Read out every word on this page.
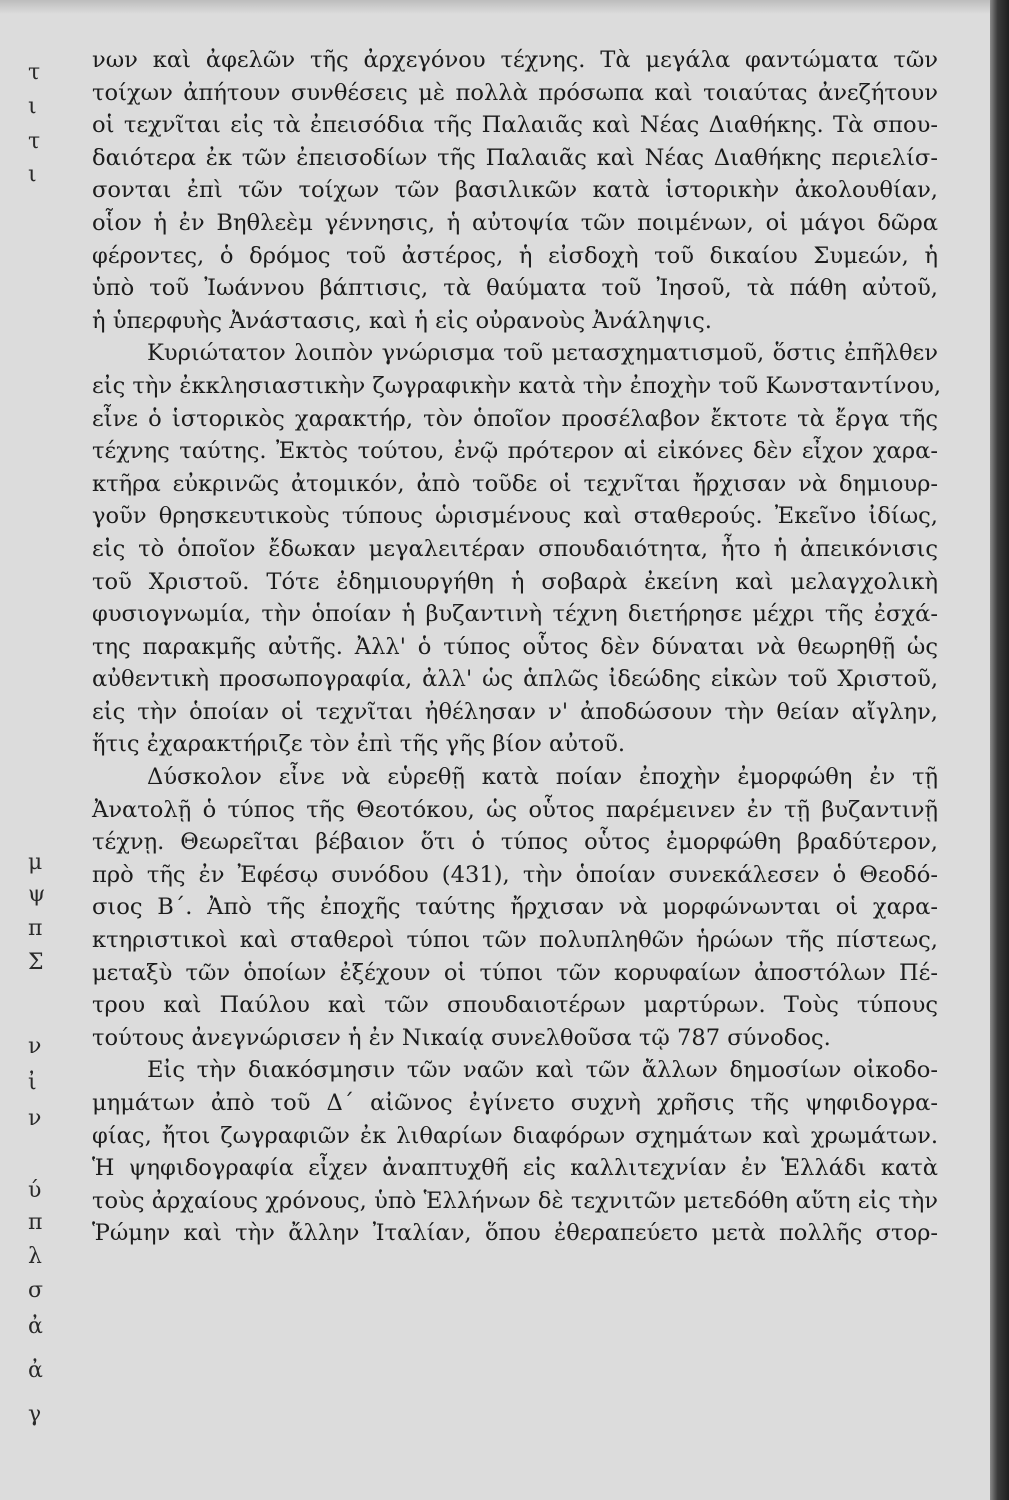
τ
ι
τ
ι
μ
ψ
π
Σ
ν
ἰ
ν
ύ
π
λ
σ
ἀ
ἀ
γ

νων καὶ ἀφελῶν τῆς ἀρχεγόνου τέχνης. Τὰ μεγάλα φαντώματα τῶν
τοίχων ἀπήτουν συνθέσεις μὲ πολλὰ πρόσωπα καὶ τοιαύτας ἀνεζήτουν
οἱ τεχνῖται εἰς τὰ ἐπεισόδια τῆς Παλαιᾶς καὶ Νέας Διαθήκης. Τὰ σπου-
δαιότερα ἐκ τῶν ἐπεισοδίων τῆς Παλαιᾶς καὶ Νέας Διαθήκης περιελίσ-
σονται ἐπὶ τῶν τοίχων τῶν βασιλικῶν κατὰ ἱστορικὴν ἀκολουθίαν,
οἷον ἡ ἐν Βηθλεὲμ γέννησις, ἡ αὐτοψία τῶν ποιμένων, οἱ μάγοι δῶρα
φέροντες, ὁ δρόμος τοῦ ἀστέρος, ἡ εἰσδοχὴ τοῦ δικαίου Συμεών, ἡ
ὑπὸ τοῦ Ἰωάννου βάπτισις, τὰ θαύματα τοῦ Ἰησοῦ, τὰ πάθη αὐτοῦ,
ἡ ὑπερφυὴς Ἀνάστασις, καὶ ἡ εἰς οὐρανοὺς Ἀνάληψις.

Κυριώτατον λοιπὸν γνώρισμα τοῦ μετασχηματισμοῦ, ὅστις ἐπῆλθεν
εἰς τὴν ἐκκλησιαστικὴν ζωγραφικὴν κατὰ τὴν ἐποχὴν τοῦ Κωνσταντίνου,
εἶνε ὁ ἱστορικὸς χαρακτήρ, τὸν ὁποῖον προσέλαβον ἔκτοτε τὰ ἔργα τῆς
τέχνης ταύτης. Ἐκτὸς τούτου, ἐνῷ πρότερον αἱ εἰκόνες δὲν εἶχον χαρα-
κτῆρα εὐκρινῶς ἀτομικόν, ἀπὸ τοῦδε οἱ τεχνῖται ἤρχισαν νὰ δημιουρ-
γοῦν θρησκευτικοὺς τύπους ὡρισμένους καὶ σταθερούς. Ἐκεῖνο ἰδίως,
εἰς τὸ ὁποῖον ἔδωκαν μεγαλειτέραν σπουδαιότητα, ἦτο ἡ ἀπεικόνισις
τοῦ Χριστοῦ. Τότε ἐδημιουργήθη ἡ σοβαρὰ ἐκείνη καὶ μελαγχολικὴ
φυσιογνωμία, τὴν ὁποίαν ἡ βυζαντινὴ τέχνη διετήρησε μέχρι τῆς ἐσχά-
της παρακμῆς αὐτῆς. Ἀλλ' ὁ τύπος οὗτος δὲν δύναται νὰ θεωρηθῇ ὡς
αὐθεντικὴ προσωπογραφία, ἀλλ' ὡς ἁπλῶς ἰδεώδης εἰκὼν τοῦ Χριστοῦ,
εἰς τὴν ὁποίαν οἱ τεχνῖται ἠθέλησαν ν' ἀποδώσουν τὴν θείαν αἴγλην,
ἥτις ἐχαρακτήριζε τὸν ἐπὶ τῆς γῆς βίον αὐτοῦ.

Δύσκολον εἶνε νὰ εὑρεθῇ κατὰ ποίαν ἐποχὴν ἐμορφώθη ἐν τῇ
Ἀνατολῇ ὁ τύπος τῆς Θεοτόκου, ὡς οὗτος παρέμεινεν ἐν τῇ βυζαντινῇ
τέχνῃ. Θεωρεῖται βέβαιον ὅτι ὁ τύπος οὗτος ἐμορφώθη βραδύτερον,
πρὸ τῆς ἐν Ἐφέσῳ συνόδου (431), τὴν ὁποίαν συνεκάλεσεν ὁ Θεοδό-
σιος Β΄. Ἀπὸ τῆς ἐποχῆς ταύτης ἤρχισαν νὰ μορφώνωνται οἱ χαρα-
κτηριστικοὶ καὶ σταθεροὶ τύποι τῶν πολυπληθῶν ἡρώων τῆς πίστεως,
μεταξὺ τῶν ὁποίων ἐξέχουν οἱ τύποι τῶν κορυφαίων ἀποστόλων Πέ-
τρου καὶ Παύλου καὶ τῶν σπουδαιοτέρων μαρτύρων. Τοὺς τύπους
τούτους ἀνεγνώρισεν ἡ ἐν Νικαίᾳ συνελθοῦσα τῷ 787 σύνοδος.

Εἰς τὴν διακόσμησιν τῶν ναῶν καὶ τῶν ἄλλων δημοσίων οἰκοδο-
μημάτων ἀπὸ τοῦ Δ΄ αἰῶνος ἐγίνετο συχνὴ χρῆσις τῆς ψηφιδογρα-
φίας, ἤτοι ζωγραφιῶν ἐκ λιθαρίων διαφόρων σχημάτων καὶ χρωμάτων.
Ἡ ψηφιδογραφία εἶχεν ἀναπτυχθῆ εἰς καλλιτεχνίαν ἐν Ἑλλάδι κατὰ
τοὺς ἀρχαίους χρόνους, ὑπὸ Ἑλλήνων δὲ τεχνιτῶν μετεδόθη αὕτη εἰς τὴν
Ῥώμην καὶ τὴν ἄλλην Ἰταλίαν, ὅπου ἐθεραπεύετο μετὰ πολλῆς στορ-
